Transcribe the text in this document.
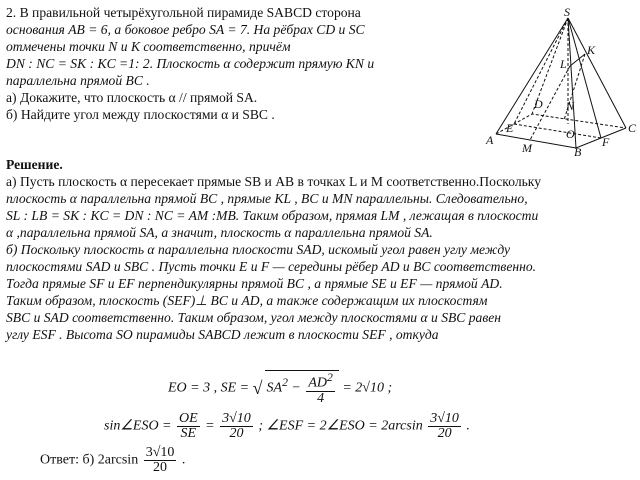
2. В правильной четырёхугольной пирамиде SABCD сторона
основания AB = 6, а боковое ребро SA = 7. На рёбрах CD и SC
отмечены точки N и K соответственно, причём
DN : NC = SK : KC =1: 2. Плоскость α содержит прямую KN и
параллельна прямой BC .
а) Докажите, что плоскость α // прямой SA.
б) Найдите угол между плоскостями α и SBC .
S
K
L
D N
E	C
O
A
M	F
B
Решение.
а) Пусть плоскость α пересекает прямые SB и AB в точках L и M соответственно.Поскольку
плоскость α параллельна прямой BC , прямые KL , BC и MN параллельны. Следовательно,
SL : LB = SK : KC = DN : NC = AM :MB. Таким образом, прямая LM , лежащая в плоскости
α ,параллельна прямой SA, а значит, плоскость α параллельна прямой SA.
б) Поскольку плоскость α параллельна плоскости SAD, искомый угол равен углу между
плоскостями SAD и SBC . Пусть точки E и F — середины рёбер AD и BC соответственно.
Тогда прямые SF и EF перпендикулярны прямой BC , а прямые SE и EF — прямой AD.
Таким образом, плоскость (SEF)⊥ BC и AD, а также содержащим их плоскостям
SBC и SAD соответственно. Таким образом, угол между плоскостями α и SBC равен
углу ESF . Высота SO пирамиды SABCD лежит в плоскости SEF , откуда
EO = 3 , SE = √ $SA^2 - \frac{AD^2}{4} = 2√10$ ;
sin∠ESO = $\frac{OE}{SE} = \frac{3√10}{20}$ ; ∠ESF = 2∠ESO = $2\arcsin \frac{3√10}{20}$ .
Ответ: б) $2\arcsin \frac{3√10}{20}$ .
